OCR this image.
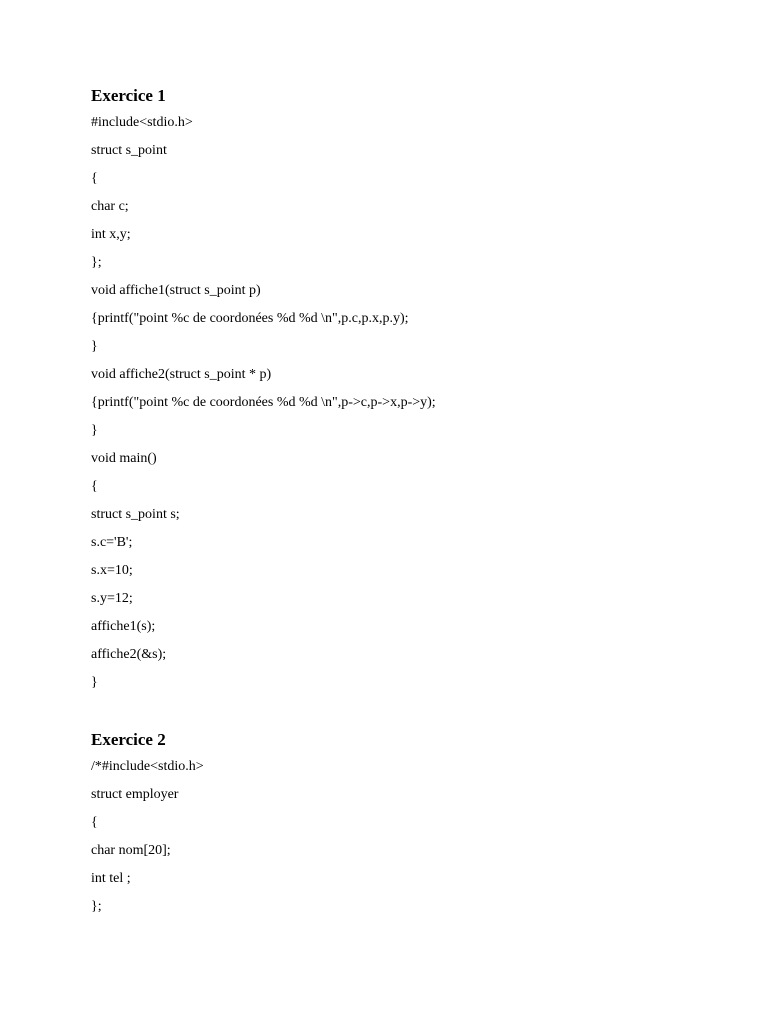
Exercice 1
#include<stdio.h>
struct s_point
{
char c;
int x,y;
};
void affiche1(struct s_point p)
{printf("point %c de coordonées %d %d \n",p.c,p.x,p.y);
}
void affiche2(struct s_point * p)
{printf("point %c de coordonées %d %d \n",p->c,p->x,p->y);
}
void main()
{
struct s_point s;
s.c='B';
s.x=10;
s.y=12;
affiche1(s);
affiche2(&s);
}
Exercice 2
/*#include<stdio.h>
struct employer
{
char nom[20];
int tel ;
};
